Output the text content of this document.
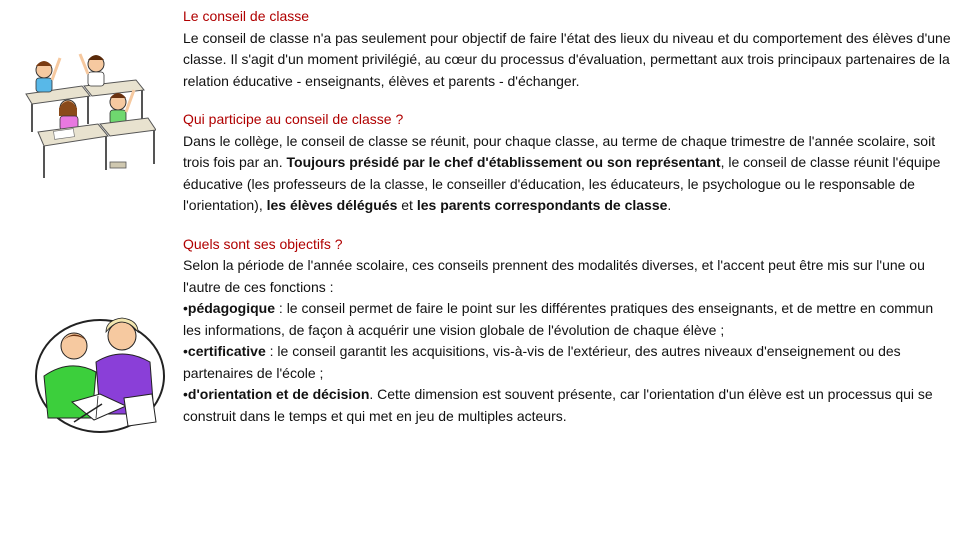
Le conseil de classe

Le conseil de classe n'a pas seulement pour objectif de faire l'état des lieux du niveau et du comportement des élèves d'une classe. Il s'agit d'un moment privilégié, au cœur du processus d'évaluation, permettant aux trois principaux partenaires de la relation éducative - enseignants, élèves et parents - d'échanger.

Qui participe au conseil de classe ?

Dans le collège, le conseil de classe se réunit, pour chaque classe, au terme de chaque trimestre de l'année scolaire, soit trois fois par an. Toujours présidé par le chef d'établissement ou son représentant, le conseil de classe réunit l'équipe éducative (les professeurs de la classe, le conseiller d'éducation, les éducateurs, le psychologue ou le responsable de l'orientation), les élèves délégués et les parents correspondants de classe.

Quels sont ses objectifs ?

Selon la période de l'année scolaire, ces conseils prennent des modalités diverses, et l'accent peut être mis sur l'une ou l'autre de ces fonctions :

•pédagogique : le conseil permet de faire le point sur les différentes pratiques des enseignants, et de mettre en commun les informations, de façon à acquérir une vision globale de l'évolution de chaque élève ;

•certificative : le conseil garantit les acquisitions, vis-à-vis de l'extérieur, des autres niveaux d'enseignement ou des partenaires de l'école ;

•d'orientation et de décision. Cette dimension est souvent présente, car l'orientation d'un élève est un processus qui se construit dans le temps et qui met en jeu de multiples acteurs.
